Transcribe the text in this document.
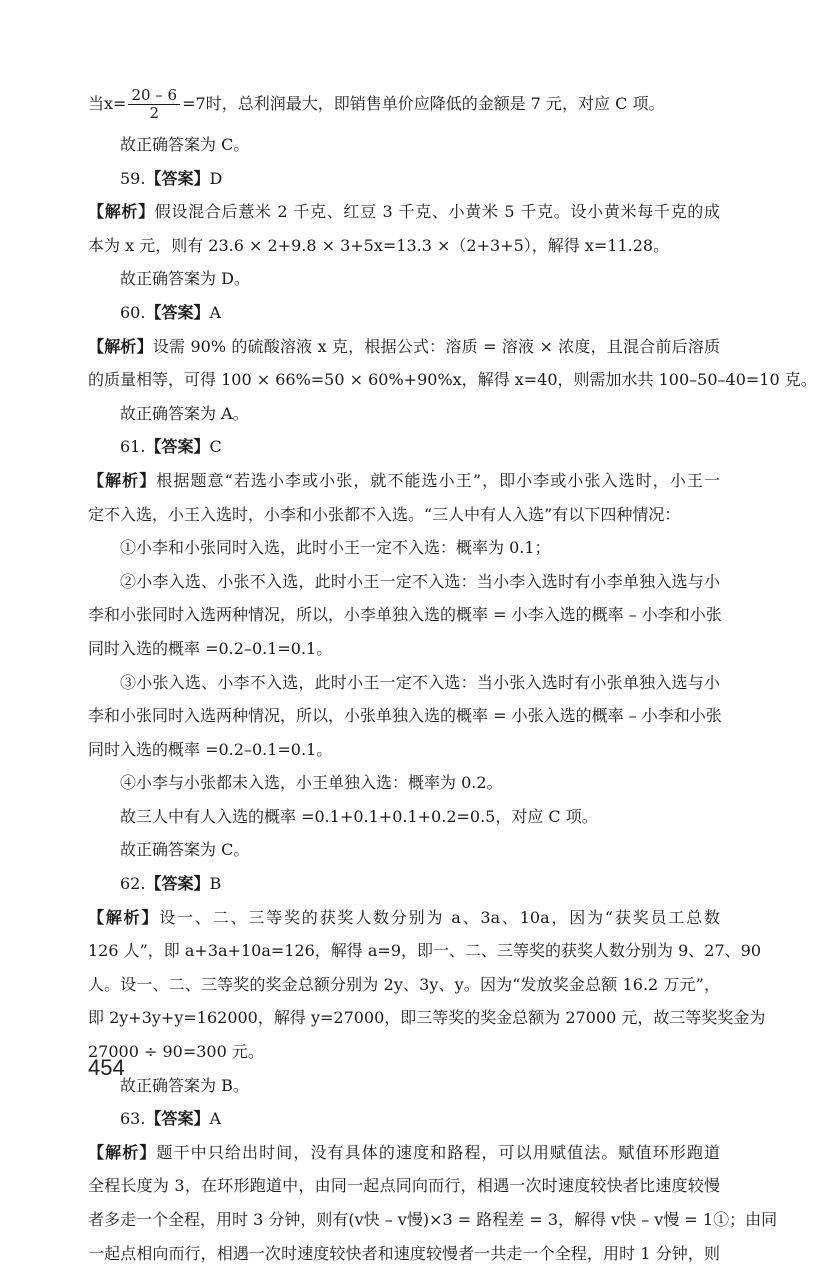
当$x= \frac{20 - 6}{2} =7$时，总利润最大，即销售单价应降低的金额是 7 元，对应 C 项。
故正确答案为 C。
59.【答案】D
【解析】假设混合后薏米 2 千克、红豆 3 千克、小黄米 5 千克。设小黄米每千克的成
本为 x 元，则有 23.6 × 2+9.8 × 3+5x=13.3 ×（2+3+5），解得 x=11.28。
故正确答案为 D。
60.【答案】A
【解析】设需 90% 的硫酸溶液 x 克，根据公式：溶质 = 溶液 × 浓度，且混合前后溶质
的质量相等，可得 100 × 66%=50 × 60%+90%x，解得 x=40，则需加水共 100–50–40=10 克。
故正确答案为 A。
61.【答案】C
【解析】根据题意“若选小李或小张，就不能选小王”，即小李或小张入选时，小王一
定不入选，小王入选时，小李和小张都不入选。“三人中有人入选”有以下四种情况：
①小李和小张同时入选，此时小王一定不入选：概率为 0.1；
②小李入选、小张不入选，此时小王一定不入选：当小李入选时有小李单独入选与小
李和小张同时入选两种情况，所以，小李单独入选的概率 = 小李入选的概率 – 小李和小张
同时入选的概率 =0.2–0.1=0.1。
③小张入选、小李不入选，此时小王一定不入选：当小张入选时有小张单独入选与小
李和小张同时入选两种情况，所以，小张单独入选的概率 = 小张入选的概率 – 小李和小张
同时入选的概率 =0.2–0.1=0.1。
④小李与小张都未入选，小王单独入选：概率为 0.2。
故三人中有人入选的概率 =0.1+0.1+0.1+0.2=0.5，对应 C 项。
故正确答案为 C。
62.【答案】B
【解析】设一、二、三等奖的获奖人数分别为 a、3a、10a，因为“获奖员工总数
126 人”，即 a+3a+10a=126，解得 a=9，即一、二、三等奖的获奖人数分别为 9、27、90
人。设一、二、三等奖的奖金总额分别为 2y、3y、y。因为“发放奖金总额 16.2 万元”，
即 2y+3y+y=162000，解得 y=27000，即三等奖的奖金总额为 27000 元，故三等奖奖金为
27000 ÷ 90=300 元。
故正确答案为 B。
63.【答案】A
【解析】题干中只给出时间，没有具体的速度和路程，可以用赋值法。赋值环形跑道
全程长度为 3，在环形跑道中，由同一起点同向而行，相遇一次时速度较快者比速度较慢
者多走一个全程，用时 3 分钟，则有(v快 – v慢)×3 = 路程差 = 3，解得 v快 – v慢 = 1①；由同
一起点相向而行，相遇一次时速度较快者和速度较慢者一共走一个全程，用时 1 分钟，则
454
